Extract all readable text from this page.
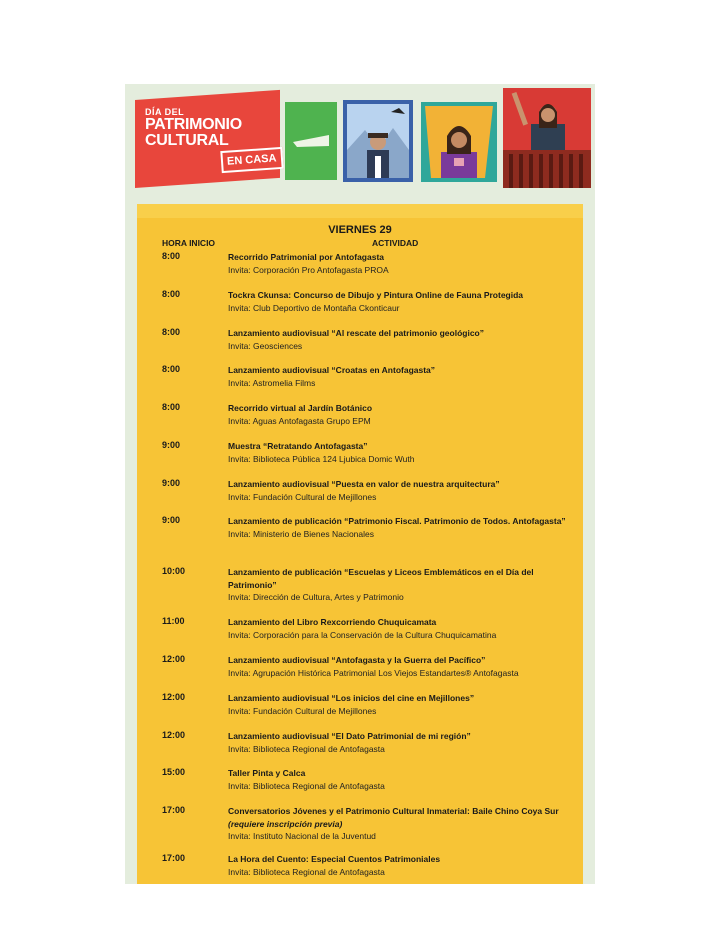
DÍA DEL
PATRIMONIO
CULTURAL
EN CASA
VIERNES 29
HORA INICIO	ACTIVIDAD
8:00	Recorrido Patrimonial por Antofagasta
Invita: Corporación Pro Antofagasta PROA
8:00	Tockra Ckunsa: Concurso de Dibujo y Pintura Online de Fauna Protegida
Invita: Club Deportivo de Montaña Ckonticaur
8:00	Lanzamiento audiovisual “Al rescate del patrimonio geológico”
Invita: Geosciences
8:00	Lanzamiento audiovisual “Croatas en Antofagasta”
Invita: Astromelia Films
8:00	Recorrido virtual al Jardín Botánico
Invita: Aguas Antofagasta Grupo EPM
9:00	Muestra “Retratando Antofagasta”
Invita: Biblioteca Pública 124 Ljubica Domic Wuth
9:00	Lanzamiento audiovisual “Puesta en valor de nuestra arquitectura”
Invita: Fundación Cultural de Mejillones
9:00	Lanzamiento de publicación “Patrimonio Fiscal. Patrimonio de Todos. Antofagasta”
Invita: Ministerio de Bienes Nacionales
10:00	Lanzamiento de publicación “Escuelas y Liceos Emblemáticos en el Día del Patrimonio”
Invita: Dirección de Cultura, Artes y Patrimonio
11:00	Lanzamiento del Libro Rexcorriendo Chuquicamata
Invita: Corporación para la Conservación de la Cultura Chuquicamatina
12:00	Lanzamiento audiovisual “Antofagasta y la Guerra del Pacífico”
Invita: Agrupación Histórica Patrimonial Los Viejos Estandartes® Antofagasta
12:00	Lanzamiento audiovisual “Los inicios del cine en Mejillones”
Invita: Fundación Cultural de Mejillones
12:00	Lanzamiento audiovisual “El Dato Patrimonial de mi región”
Invita: Biblioteca Regional de Antofagasta
15:00	Taller Pinta y Calca
Invita: Biblioteca Regional de Antofagasta
17:00	Conversatorios Jóvenes y el Patrimonio Cultural Inmaterial: Baile Chino Coya Sur
(requiere inscripción previa)
Invita: Instituto Nacional de la Juventud
17:00	La Hora del Cuento: Especial Cuentos Patrimoniales
Invita: Biblioteca Regional de Antofagasta
